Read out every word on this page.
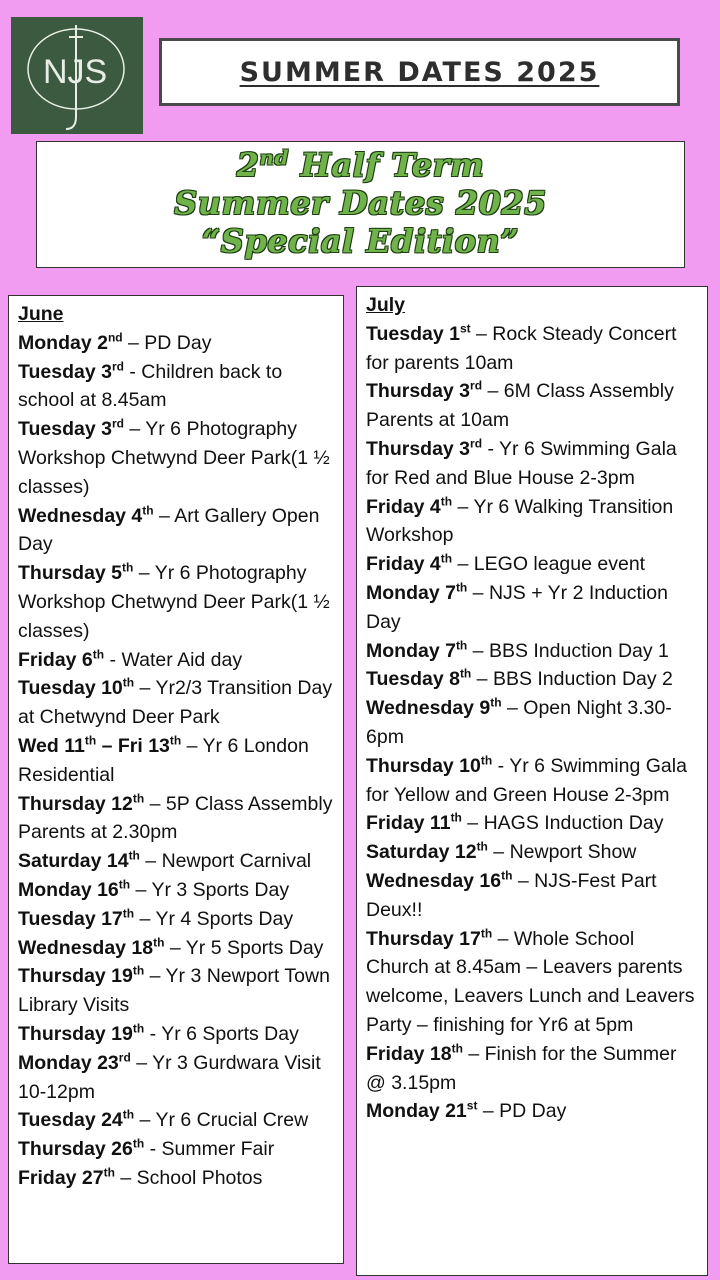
NJS	SUMMER DATES 2025
2nd Half Term
Summer Dates 2025
“Special Edition”
June

Monday 2nd – PD Day

Tuesday 3rd - Children back to school at 8.45am

Tuesday 3rd – Yr 6 Photography Workshop Chetwynd Deer Park(1 ½ classes)

Wednesday 4th – Art Gallery Open Day

Thursday 5th – Yr 6 Photography Workshop Chetwynd Deer Park(1 ½ classes)

Friday 6th - Water Aid day

Tuesday 10th – Yr2/3 Transition Day at Chetwynd Deer Park

Wed 11th – Fri 13th – Yr 6 London Residential

Thursday 12th – 5P Class Assembly Parents at 2.30pm

Saturday 14th – Newport Carnival

Monday 16th – Yr 3 Sports Day

Tuesday 17th – Yr 4 Sports Day

Wednesday 18th – Yr 5 Sports Day

Thursday 19th – Yr 3 Newport Town Library Visits

Thursday 19th - Yr 6 Sports Day

Monday 23rd – Yr 3 Gurdwara Visit 10-12pm

Tuesday 24th – Yr 6 Crucial Crew

Thursday 26th - Summer Fair

Friday 27th – School Photos

July

Tuesday 1st – Rock Steady Concert for parents 10am

Thursday 3rd – 6M Class Assembly Parents at 10am

Thursday 3rd - Yr 6 Swimming Gala for Red and Blue House 2-3pm

Friday 4th – Yr 6 Walking Transition Workshop

Friday 4th – LEGO league event

Monday 7th – NJS + Yr 2 Induction Day

Monday 7th – BBS Induction Day 1

Tuesday 8th – BBS Induction Day 2

Wednesday 9th – Open Night 3.30-6pm

Thursday 10th - Yr 6 Swimming Gala for Yellow and Green House 2-3pm

Friday 11th – HAGS Induction Day

Saturday 12th – Newport Show

Wednesday 16th – NJS-Fest Part Deux!!

Thursday 17th – Whole School Church at 8.45am – Leavers parents welcome, Leavers Lunch and Leavers Party – finishing for Yr6 at 5pm

Friday 18th – Finish for the Summer @ 3.15pm

Monday 21st – PD Day
